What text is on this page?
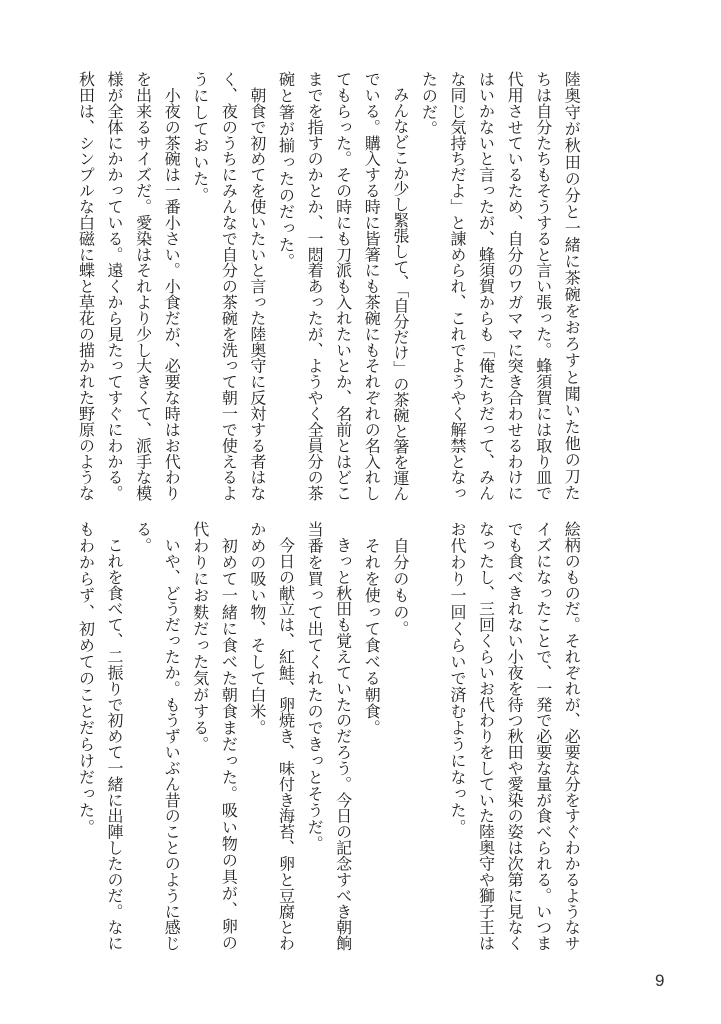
陸奥守が秋田の分と一緒に茶碗をおろすと聞いた他の刀た
ちは自分たちもそうすると言い張った。蜂須賀には取り皿で
代用させているため、自分のワガママに突き合わせるわけに
はいかないと言ったが、蜂須賀からも「俺たちだって、みん
な同じ気持ちだよ」と諌められ、これでようやく解禁となっ
たのだ。
　みんなどこか少し緊張して、「自分だけ」の茶碗と箸を運ん
でいる。購入する時に皆箸にも茶碗にもそれぞれの名入れし
てもらった。その時にも刀派も入れたいとか、名前とはどこ
までを指すのかとか、一悶着あったが、ようやく全員分の茶
碗と箸が揃ったのだった。
　朝食で初めてを使いたいと言った陸奥守に反対する者はな
く、夜のうちにみんなで自分の茶碗を洗って朝一で使えるよ
うにしておいた。
　小夜の茶碗は一番小さい。小食だが、必要な時はお代わり
を出来るサイズだ。愛染はそれより少し大きくて、派手な模
様が全体にかかっている。遠くから見たってすぐにわかる。
秋田は、シンプルな白磁に蝶と草花の描かれた野原のような
絵柄のものだ。それぞれが、必要な分をすぐわかるようなサ
イズになったことで、一発で必要な量が食べられる。いつま
でも食べきれない小夜を待つ秋田や愛染の姿は次第に見なく
なったし、三回くらいお代わりをしていた陸奥守や獅子王は
お代わり一回くらいで済むようになった。
　自分のもの。
　それを使って食べる朝食。
　きっと秋田も覚えていたのだろう。今日の記念すべき朝餉
当番を買って出てくれたのできっとそうだ。
　今日の献立は、紅鮭、卵焼き、味付き海苔、卵と豆腐とわ
かめの吸い物、そして白米。
　初めて一緒に食べた朝食まだった。吸い物の具が、卵の
代わりにお麩だった気がする。
　いや、どうだったか。もうずいぶん昔のことのように感じ
る。
　これを食べて、二振りで初めて一緒に出陣したのだ。なに
もわからず、初めてのことだらけだった。
9
